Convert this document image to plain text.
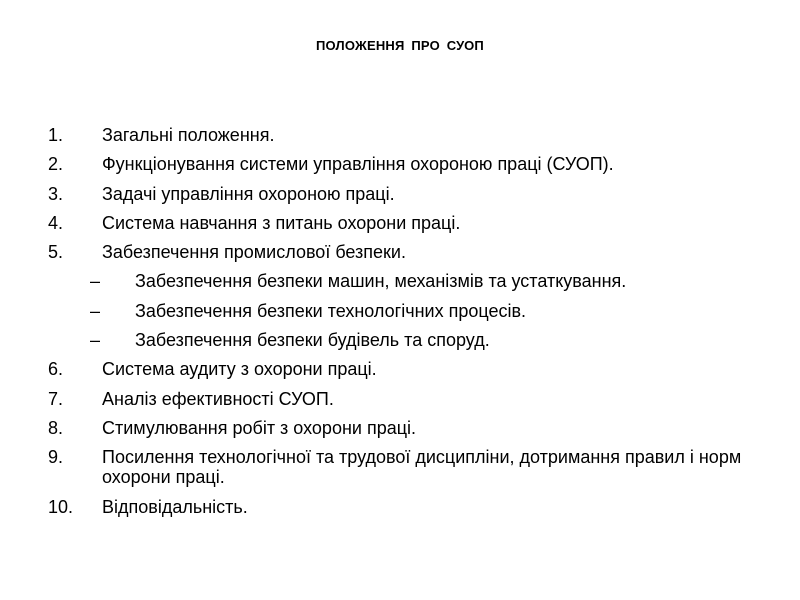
ПОЛОЖЕННЯ ПРО СУОП
1. Загальні положення.
2. Функціонування системи управління охороною праці (СУОП).
3. Задачі управління охороною праці.
4. Система навчання з питань охорони праці.
5. Забезпечення промислової безпеки.
– Забезпечення безпеки машин, механізмів та устаткування.
– Забезпечення безпеки технологічних процесів.
– Забезпечення безпеки будівель та споруд.
6. Система аудиту з охорони праці.
7. Аналіз ефективності СУОП.
8. Стимулювання робіт з охорони праці.
9. Посилення технологічної та трудової дисципліни, дотримання правил і норм охорони праці.
10. Відповідальність.
